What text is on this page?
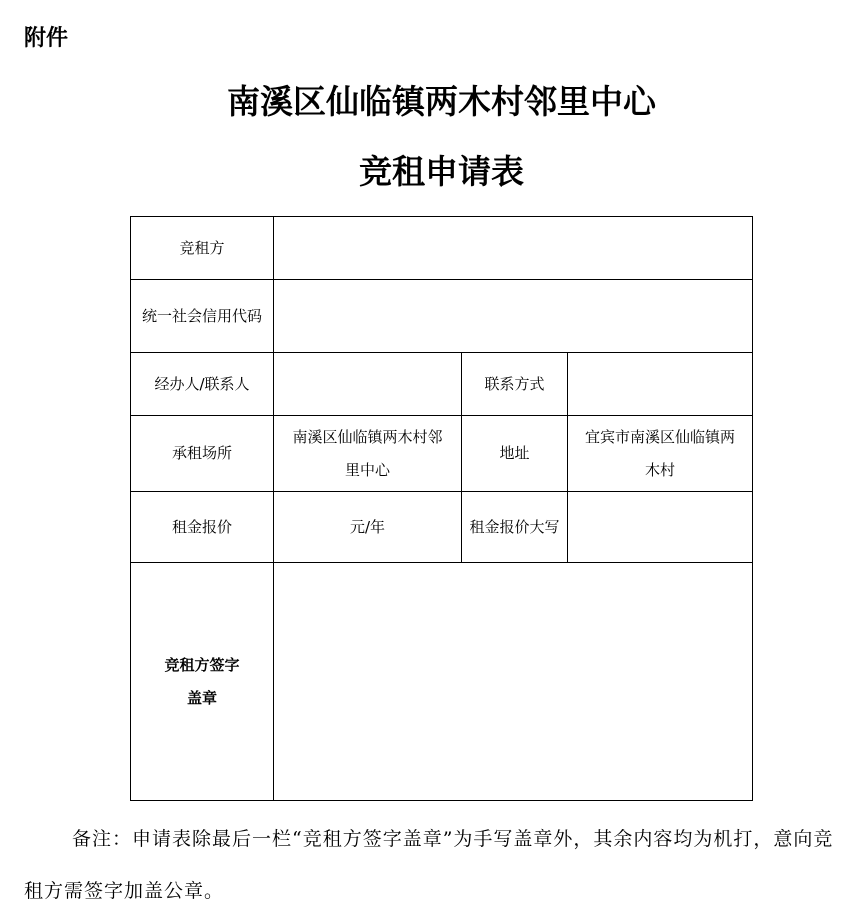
附件
南溪区仙临镇两木村邻里中心
竞租申请表
竞租方			
统一社会信用代码			
经办人/联系人		联系方式	
承租场所	南溪区仙临镇两木村邻里中心	地址	宜宾市南溪区仙临镇两木村
租金报价	元/年	租金报价大写	
竞租方签字盖章			
备注：申请表除最后一栏“竞租方签字盖章”为手写盖章外，其余内容均为机打，意向竞租方需签字加盖公章。
